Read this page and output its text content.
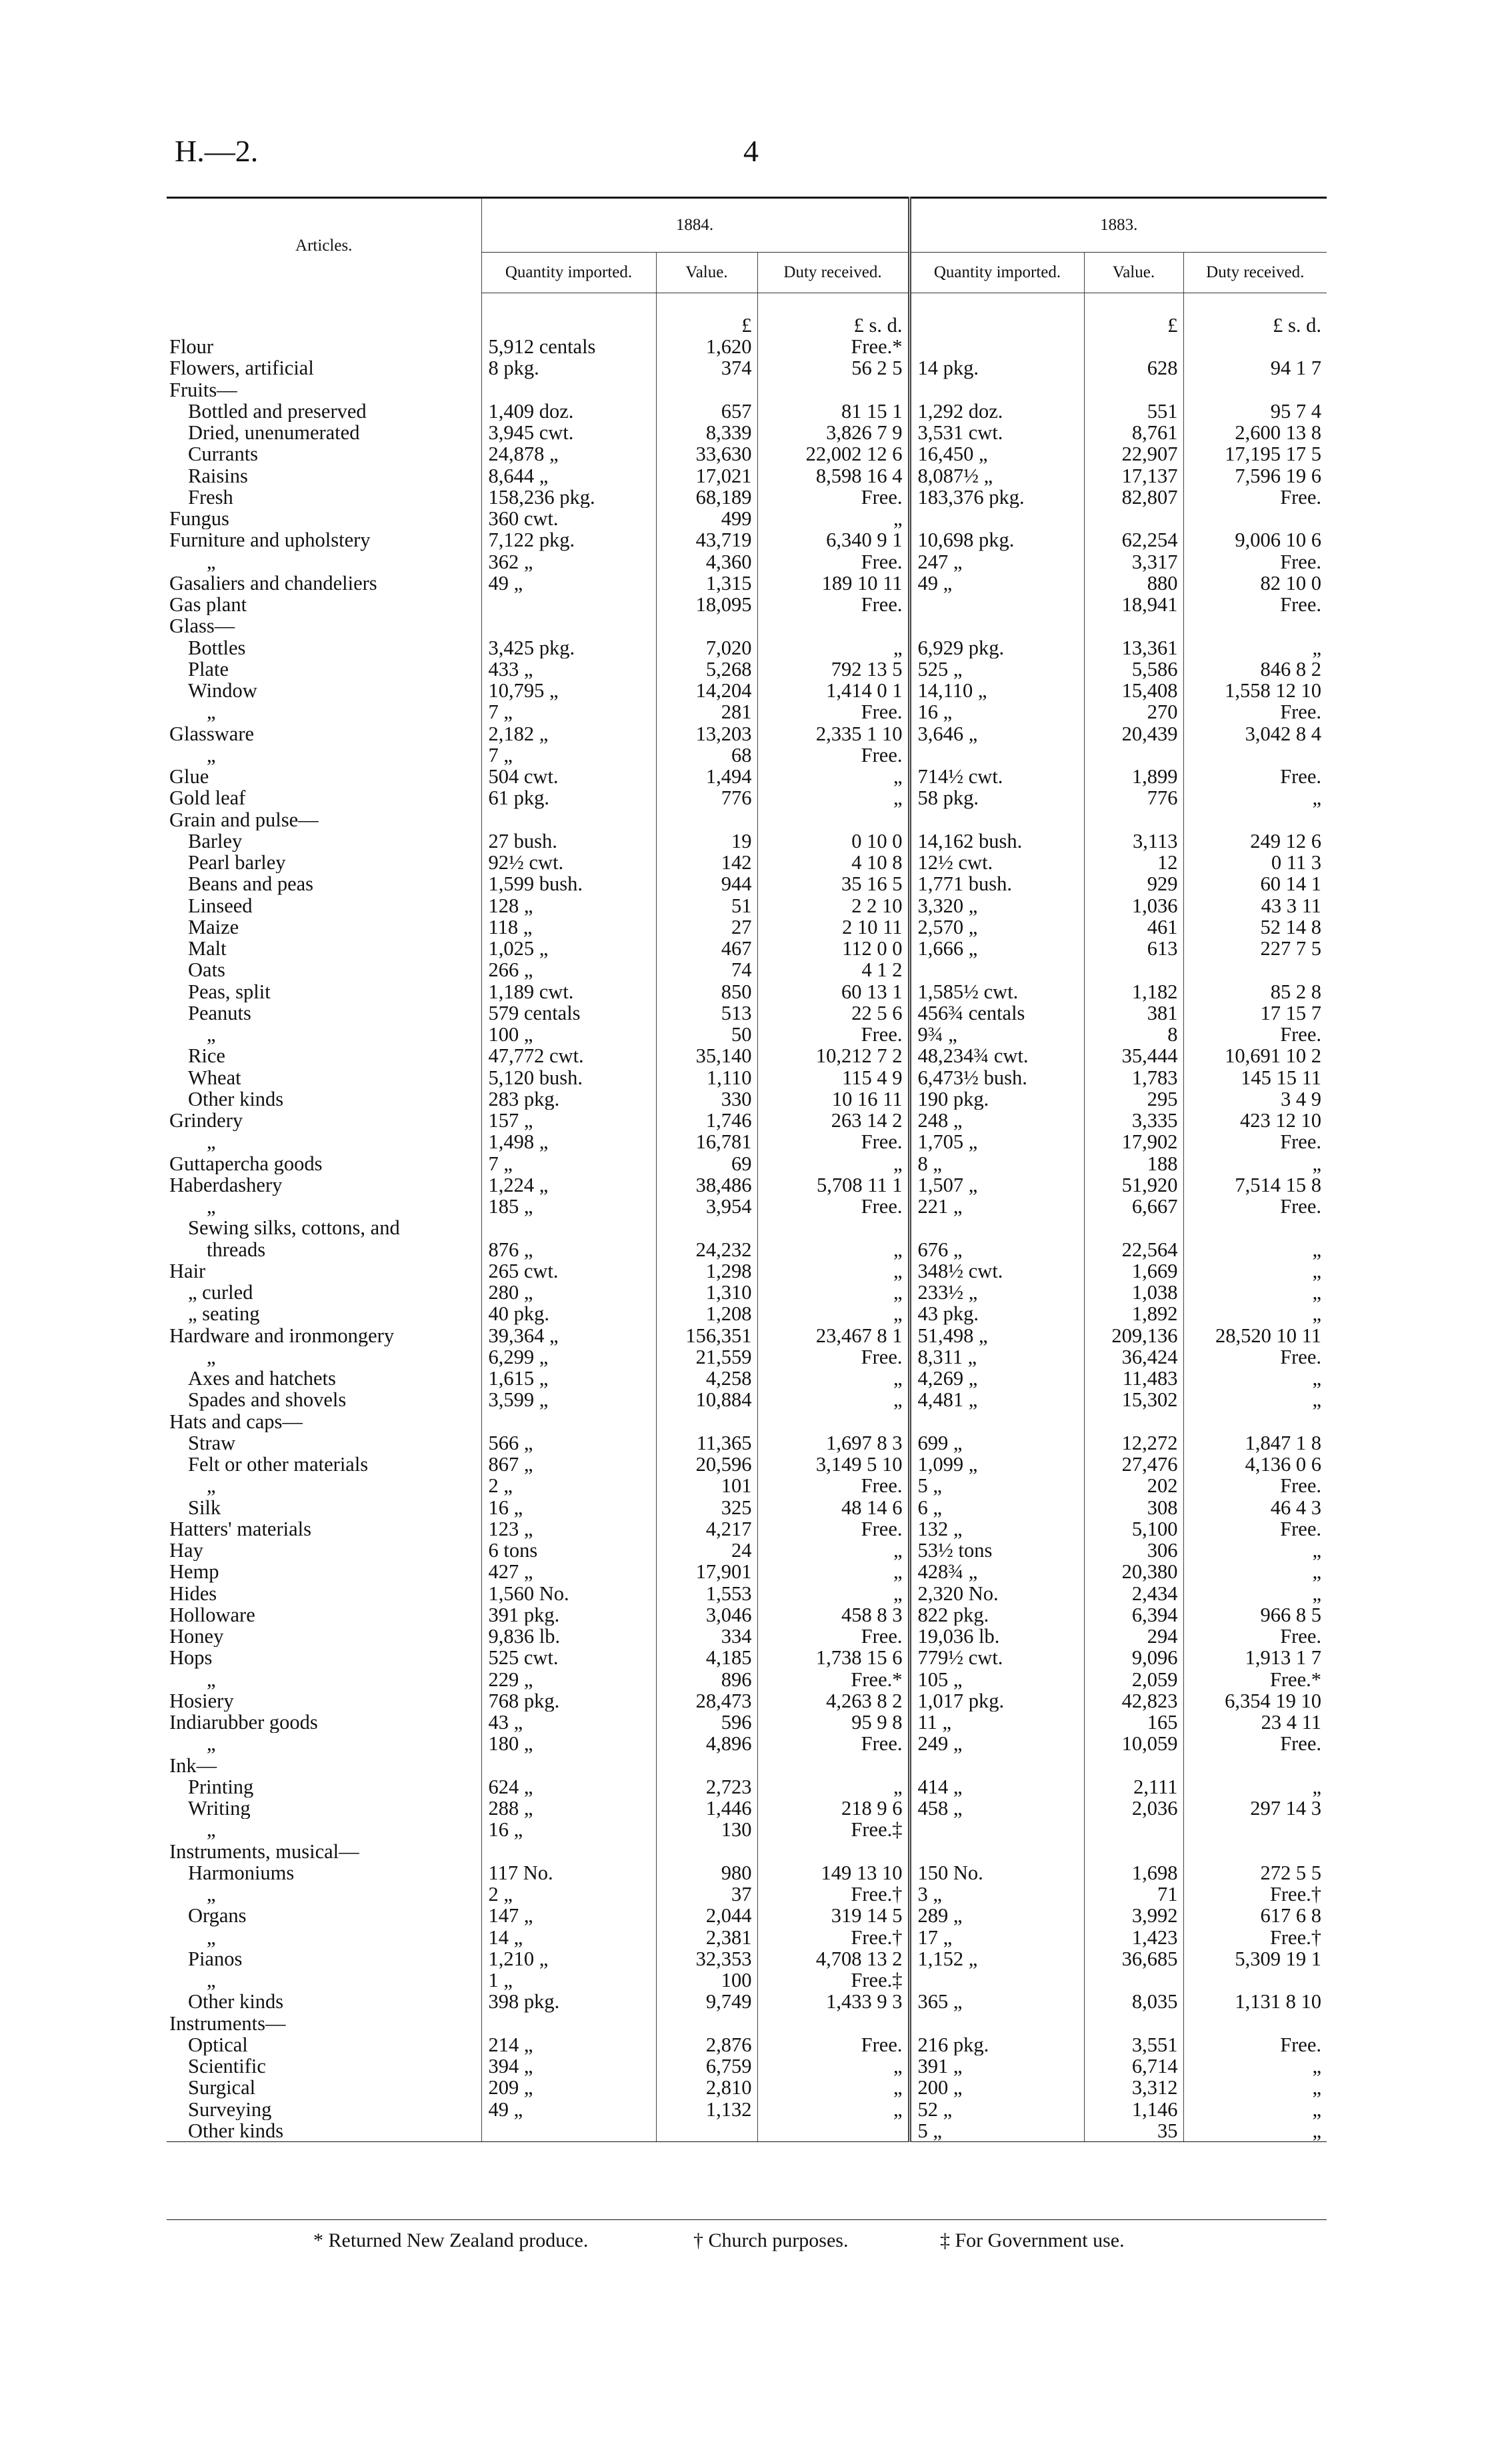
H.—2.	4
Articles.	1884.			1883.		
	Quantity imported.	Value.	Duty received.	Quantity imported.	Value.	Duty received.
		£	£ s. d.		£	£ s. d.
Flour	5,912 centals	1,620	Free.*			
Flowers, artificial	8 pkg.	374	56 2 5	14 pkg.	628	94 1 7
Fruits—						
Bottled and preserved	1,409 doz.	657	81 15 1	1,292 doz.	551	95 7 4
Dried, unenumerated	3,945 cwt.	8,339	3,826 7 9	3,531 cwt.	8,761	2,600 13 8
Currants	24,878 „	33,630	22,002 12 6	16,450 „	22,907	17,195 17 5
Raisins	8,644 „	17,021	8,598 16 4	8,087½ „	17,137	7,596 19 6
Fresh	158,236 pkg.	68,189	Free.	183,376 pkg.	82,807	Free.
Fungus	360 cwt.	499	„			
Furniture and upholstery	7,122 pkg.	43,719	6,340 9 1	10,698 pkg.	62,254	9,006 10 6
„	362 „	4,360	Free.	247 „	3,317	Free.
Gasaliers and chandeliers	49 „	1,315	189 10 11	49 „	880	82 10 0
Gas plant		18,095	Free.		18,941	Free.
Glass—						
Bottles	3,425 pkg.	7,020	„	6,929 pkg.	13,361	„
Plate	433 „	5,268	792 13 5	525 „	5,586	846 8 2
Window	10,795 „	14,204	1,414 0 1	14,110 „	15,408	1,558 12 10
„	7 „	281	Free.	16 „	270	Free.
Glassware	2,182 „	13,203	2,335 1 10	3,646 „	20,439	3,042 8 4
„	7 „	68	Free.			
Glue	504 cwt.	1,494	„	714½ cwt.	1,899	Free.
Gold leaf	61 pkg.	776	„	58 pkg.	776	„
Grain and pulse—						
Barley	27 bush.	19	0 10 0	14,162 bush.	3,113	249 12 6
Pearl barley	92½ cwt.	142	4 10 8	12½ cwt.	12	0 11 3
Beans and peas	1,599 bush.	944	35 16 5	1,771 bush.	929	60 14 1
Linseed	128 „	51	2 2 10	3,320 „	1,036	43 3 11
Maize	118 „	27	2 10 11	2,570 „	461	52 14 8
Malt	1,025 „	467	112 0 0	1,666 „	613	227 7 5
Oats	266 „	74	4 1 2			
Peas, split	1,189 cwt.	850	60 13 1	1,585½ cwt.	1,182	85 2 8
Peanuts	579 centals	513	22 5 6	456¾ centals	381	17 15 7
„	100 „	50	Free.	9¾ „	8	Free.
Rice	47,772 cwt.	35,140	10,212 7 2	48,234¾ cwt.	35,444	10,691 10 2
Wheat	5,120 bush.	1,110	115 4 9	6,473½ bush.	1,783	145 15 11
Other kinds	283 pkg.	330	10 16 11	190 pkg.	295	3 4 9
Grindery	157 „	1,746	263 14 2	248 „	3,335	423 12 10
„	1,498 „	16,781	Free.	1,705 „	17,902	Free.
Guttapercha goods	7 „	69	„	8 „	188	„
Haberdashery	1,224 „	38,486	5,708 11 1	1,507 „	51,920	7,514 15 8
„	185 „	3,954	Free.	221 „	6,667	Free.
Sewing silks, cottons, and						
threads	876 „	24,232	„	676 „	22,564	„
Hair	265 cwt.	1,298	„	348½ cwt.	1,669	„
„ curled	280 „	1,310	„	233½ „	1,038	„
„ seating	40 pkg.	1,208	„	43 pkg.	1,892	„
Hardware and ironmongery	39,364 „	156,351	23,467 8 1	51,498 „	209,136	28,520 10 11
„	6,299 „	21,559	Free.	8,311 „	36,424	Free.
Axes and hatchets	1,615 „	4,258	„	4,269 „	11,483	„
Spades and shovels	3,599 „	10,884	„	4,481 „	15,302	„
Hats and caps—						
Straw	566 „	11,365	1,697 8 3	699 „	12,272	1,847 1 8
Felt or other materials	867 „	20,596	3,149 5 10	1,099 „	27,476	4,136 0 6
„	2 „	101	Free.	5 „	202	Free.
Silk	16 „	325	48 14 6	6 „	308	46 4 3
Hatters' materials	123 „	4,217	Free.	132 „	5,100	Free.
Hay	6 tons	24	„	53½ tons	306	„
Hemp	427 „	17,901	„	428¾ „	20,380	„
Hides	1,560 No.	1,553	„	2,320 No.	2,434	„
Holloware	391 pkg.	3,046	458 8 3	822 pkg.	6,394	966 8 5
Honey	9,836 lb.	334	Free.	19,036 lb.	294	Free.
Hops	525 cwt.	4,185	1,738 15 6	779½ cwt.	9,096	1,913 1 7
„	229 „	896	Free.*	105 „	2,059	Free.*
Hosiery	768 pkg.	28,473	4,263 8 2	1,017 pkg.	42,823	6,354 19 10
Indiarubber goods	43 „	596	95 9 8	11 „	165	23 4 11
„	180 „	4,896	Free.	249 „	10,059	Free.
Ink—						
Printing	624 „	2,723	„	414 „	2,111	„
Writing	288 „	1,446	218 9 6	458 „	2,036	297 14 3
„	16 „	130	Free.‡			
Instruments, musical—						
Harmoniums	117 No.	980	149 13 10	150 No.	1,698	272 5 5
„	2 „	37	Free.†	3 „	71	Free.†
Organs	147 „	2,044	319 14 5	289 „	3,992	617 6 8
„	14 „	2,381	Free.†	17 „	1,423	Free.†
Pianos	1,210 „	32,353	4,708 13 2	1,152 „	36,685	5,309 19 1
„	1 „	100	Free.‡			
Other kinds	398 pkg.	9,749	1,433 9 3	365 „	8,035	1,131 8 10
Instruments—						
Optical	214 „	2,876	Free.	216 pkg.	3,551	Free.
Scientific	394 „	6,759	„	391 „	6,714	„
Surgical	209 „	2,810	„	200 „	3,312	„
Surveying	49 „	1,132	„	52 „	1,146	„
Other kinds				5 „	35	„
* Returned New Zealand produce.	† Church purposes.	‡ For Government use.
